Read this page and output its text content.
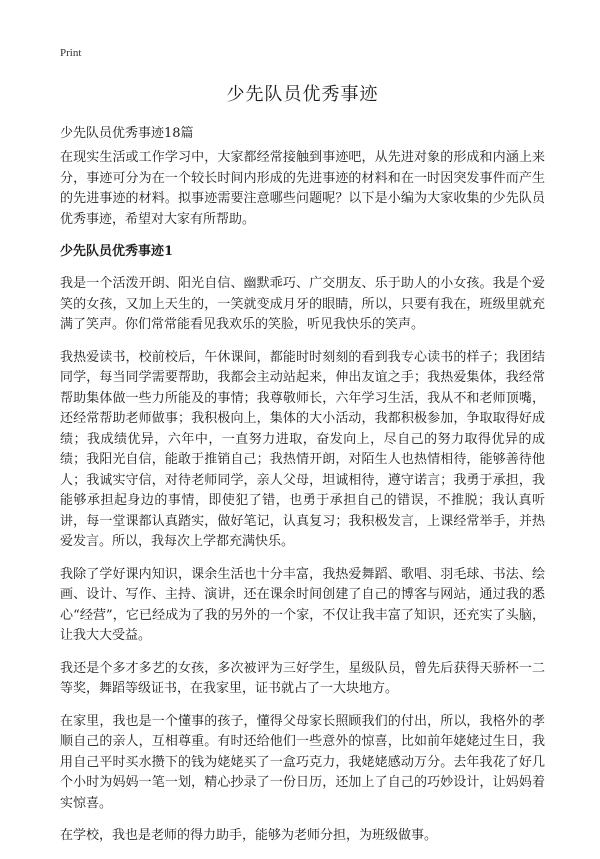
Print
少先队员优秀事迹

少先队员优秀事迹18篇

在现实生活或工作学习中，大家都经常接触到事迹吧，从先进对象的形成和内涵上来分，事迹可分为在一个较长时间内形成的先进事迹的材料和在一时因突发事件而产生的先进事迹的材料。拟事迹需要注意哪些问题呢？以下是小编为大家收集的少先队员优秀事迹，希望对大家有所帮助。

少先队员优秀事迹1

我是一个活泼开朗、阳光自信、幽默乖巧、广交朋友、乐于助人的小女孩。我是个爱笑的女孩，又加上天生的，一笑就变成月牙的眼睛，所以，只要有我在，班级里就充满了笑声。你们常常能看见我欢乐的笑脸，听见我快乐的笑声。

我热爱读书，校前校后，午休课间，都能时时刻刻的看到我专心读书的样子；我团结同学，每当同学需要帮助，我都会主动站起来，伸出友谊之手；我热爱集体，我经常帮助集体做一些力所能及的事情；我尊敬师长，六年学习生活，我从不和老师顶嘴，还经常帮助老师做事；我积极向上，集体的大小活动，我都积极参加，争取取得好成绩；我成绩优异，六年中，一直努力进取，奋发向上，尽自己的努力取得优异的成绩；我阳光自信，能敢于推销自己；我热情开朗，对陌生人也热情相待，能够善待他人；我诚实守信，对待老师同学，亲人父母，坦诚相待，遵守诺言；我勇于承担，我能够承担起身边的事情，即使犯了错，也勇于承担自己的错误，不推脱；我认真听讲，每一堂课都认真踏实，做好笔记，认真复习；我积极发言，上课经常举手，并热爱发言。所以，我每次上学都充满快乐。

我除了学好课内知识，课余生活也十分丰富，我热爱舞蹈、歌唱、羽毛球、书法、绘画、设计、写作、主持、演讲，还在课余时间创建了自己的博客与网站，通过我的悉心“经营”，它已经成为了我的另外的一个家，不仅让我丰富了知识，还充实了头脑，让我大大受益。

我还是个多才多艺的女孩，多次被评为三好学生，星级队员，曾先后获得天骄杯一二等奖，舞蹈等级证书，在我家里，证书就占了一大块地方。

在家里，我也是一个懂事的孩子，懂得父母家长照顾我们的付出，所以，我格外的孝顺自己的亲人，互相尊重。有时还给他们一些意外的惊喜，比如前年姥姥过生日，我用自己平时买水攒下的钱为姥姥买了一盒巧克力，我姥姥感动万分。去年我花了好几个小时为妈妈一笔一划，精心抄录了一份日历，还加上了自己的巧妙设计，让妈妈着实惊喜。

在学校，我也是老师的得力助手，能够为老师分担，为班级做事。
